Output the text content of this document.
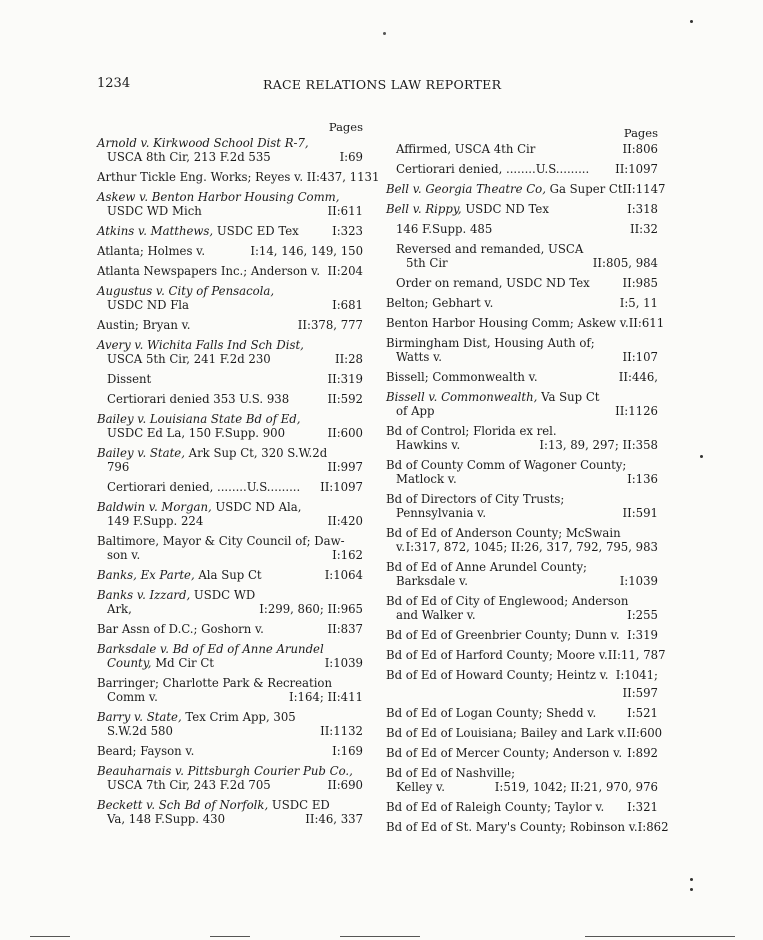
1234	RACE RELATIONS LAW REPORTER
Pages
Arnold v. Kirkwood School Dist R-7,
USCA 8th Cir, 213 F.2d 535	I:69
Arthur Tickle Eng. Works; Reyes v. II:437, 1131
Askew v. Benton Harbor Housing Comm,
USDC WD Mich	II:611
Atkins v. Matthews, USDC ED Tex	I:323
Atlanta; Holmes v.	I:14, 146, 149, 150
Atlanta Newspapers Inc.; Anderson v. II:204
Augustus v. City of Pensacola,
USDC ND Fla	I:681
Austin; Bryan v.	II:378, 777
Avery v. Wichita Falls Ind Sch Dist,
USCA 5th Cir, 241 F.2d 230	II:28
Dissent	II:319
Certiorari denied 353 U.S. 938	II:592
Bailey v. Louisiana State Bd of Ed,
USDC Ed La, 150 F.Supp. 900	II:600
Bailey v. State, Ark Sup Ct, 320 S.W.2d
796	II:997
Certiorari denied, ........U.S......... II:1097
Baldwin v. Morgan, USDC ND Ala,
149 F.Supp. 224	II:420
Baltimore, Mayor & City Council of; Daw-
son v.	I:162
Banks, Ex Parte, Ala Sup Ct	I:1064
Banks v. Izzard, USDC WD
Ark,	I:299, 860; II:965
Bar Assn of D.C.; Goshorn v.	II:837
Barksdale v. Bd of Ed of Anne Arundel
County, Md Cir Ct	I:1039
Barringer; Charlotte Park & Recreation
Comm v.	I:164; II:411
Barry v. State, Tex Crim App, 305
S.W.2d 580	II:1132
Beard; Fayson v.	I:169
Beauharnais v. Pittsburgh Courier Pub Co.,
USCA 7th Cir, 243 F.2d 705	II:690
Beckett v. Sch Bd of Norfolk, USDC ED
Va, 148 F.Supp. 430	II:46, 337
Pages
Affirmed, USCA 4th Cir	II:806
Certiorari denied, ........U.S......... II:1097
Bell v. Georgia Theatre Co, Ga Super Ct II:1147
Bell v. Rippy, USDC ND Tex	I:318
146 F.Supp. 485	II:32
Reversed and remanded, USCA
5th Cir	II:805, 984
Order on remand, USDC ND Tex	II:985
Belton; Gebhart v.	I:5, 11
Benton Harbor Housing Comm; Askew v. II:611
Birmingham Dist, Housing Auth of;
Watts v.	II:107
Bissell; Commonwealth v.	II:446,
Bissell v. Commonwealth, Va Sup Ct
of App	II:1126
Bd of Control; Florida ex rel.
Hawkins v.	I:13, 89, 297; II:358
Bd of County Comm of Wagoner County;
Matlock v.	I:136
Bd of Directors of City Trusts;
Pennsylvania v.	II:591
Bd of Ed of Anderson County; McSwain
v. I:317, 872, 1045; II:26, 317, 792, 795, 983
Bd of Ed of Anne Arundel County;
Barksdale v.	I:1039
Bd of Ed of City of Englewood; Anderson
and Walker v.	I:255
Bd of Ed of Greenbrier County; Dunn v. I:319
Bd of Ed of Harford County; Moore v. II:11, 787
Bd of Ed of Howard County; Heintz v. I:1041;
II:597
Bd of Ed of Logan County; Shedd v.	I:521
Bd of Ed of Louisiana; Bailey and Lark v. II:600
Bd of Ed of Mercer County; Anderson v. I:892
Bd of Ed of Nashville;
Kelley v.	I:519, 1042; II:21, 970, 976
Bd of Ed of Raleigh County; Taylor v. I:321
Bd of Ed of St. Mary's County; Robinson v. I:862
